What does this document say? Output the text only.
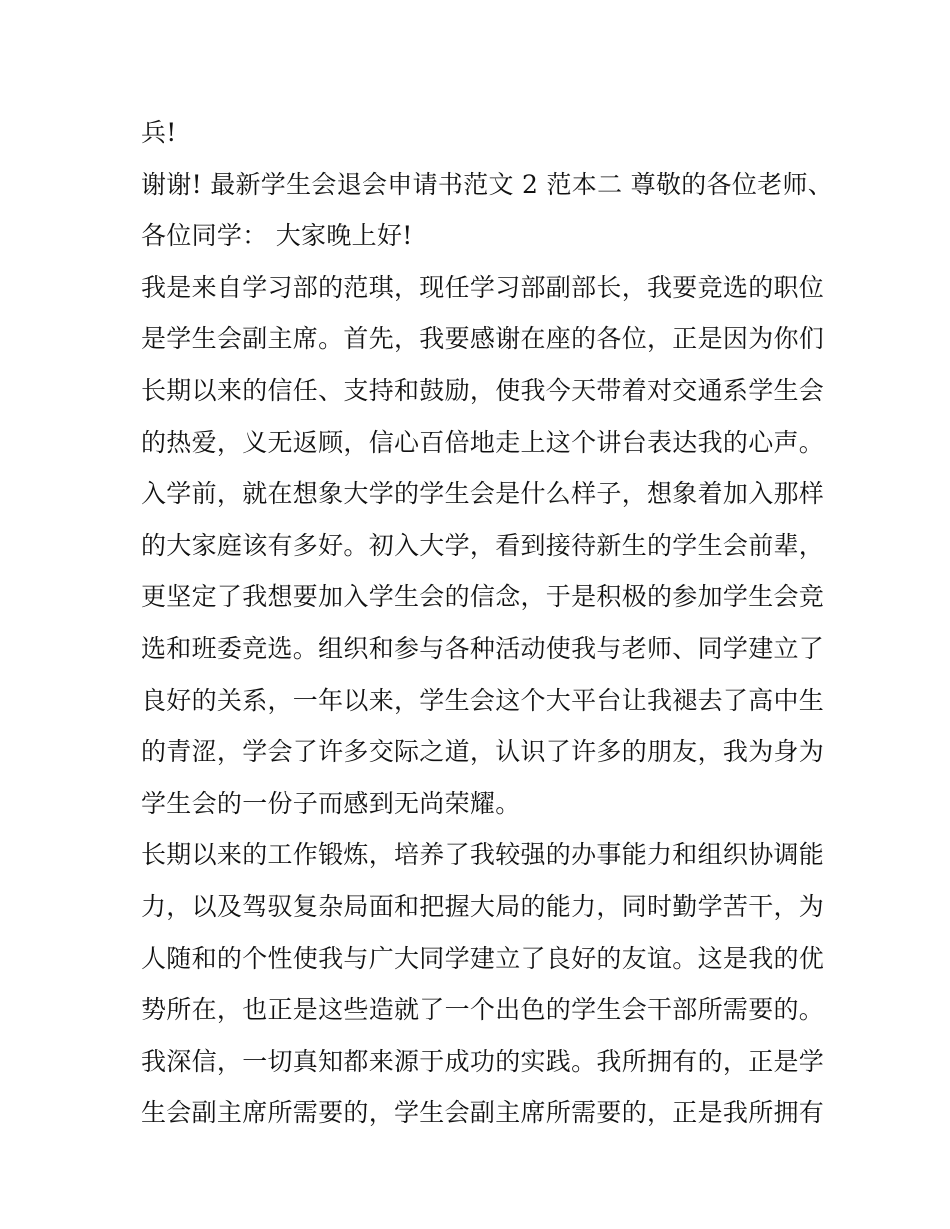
兵!
谢谢! 最新学生会退会申请书范文 2 范本二 尊敬的各位老师、
各位同学： 大家晚上好!
我是来自学习部的范琪，现任学习部副部长，我要竞选的职位
是学生会副主席。首先，我要感谢在座的各位，正是因为你们
长期以来的信任、支持和鼓励，使我今天带着对交通系学生会
的热爱，义无返顾，信心百倍地走上这个讲台表达我的心声。
入学前，就在想象大学的学生会是什么样子，想象着加入那样
的大家庭该有多好。初入大学，看到接待新生的学生会前辈，
更坚定了我想要加入学生会的信念，于是积极的参加学生会竞
选和班委竞选。组织和参与各种活动使我与老师、同学建立了
良好的关系，一年以来，学生会这个大平台让我褪去了高中生
的青涩，学会了许多交际之道，认识了许多的朋友，我为身为
学生会的一份子而感到无尚荣耀。
长期以来的工作锻炼，培养了我较强的办事能力和组织协调能
力，以及驾驭复杂局面和把握大局的能力，同时勤学苦干，为
人随和的个性使我与广大同学建立了良好的友谊。这是我的优
势所在，也正是这些造就了一个出色的学生会干部所需要的。
我深信，一切真知都来源于成功的实践。我所拥有的，正是学
生会副主席所需要的，学生会副主席所需要的，正是我所拥有
